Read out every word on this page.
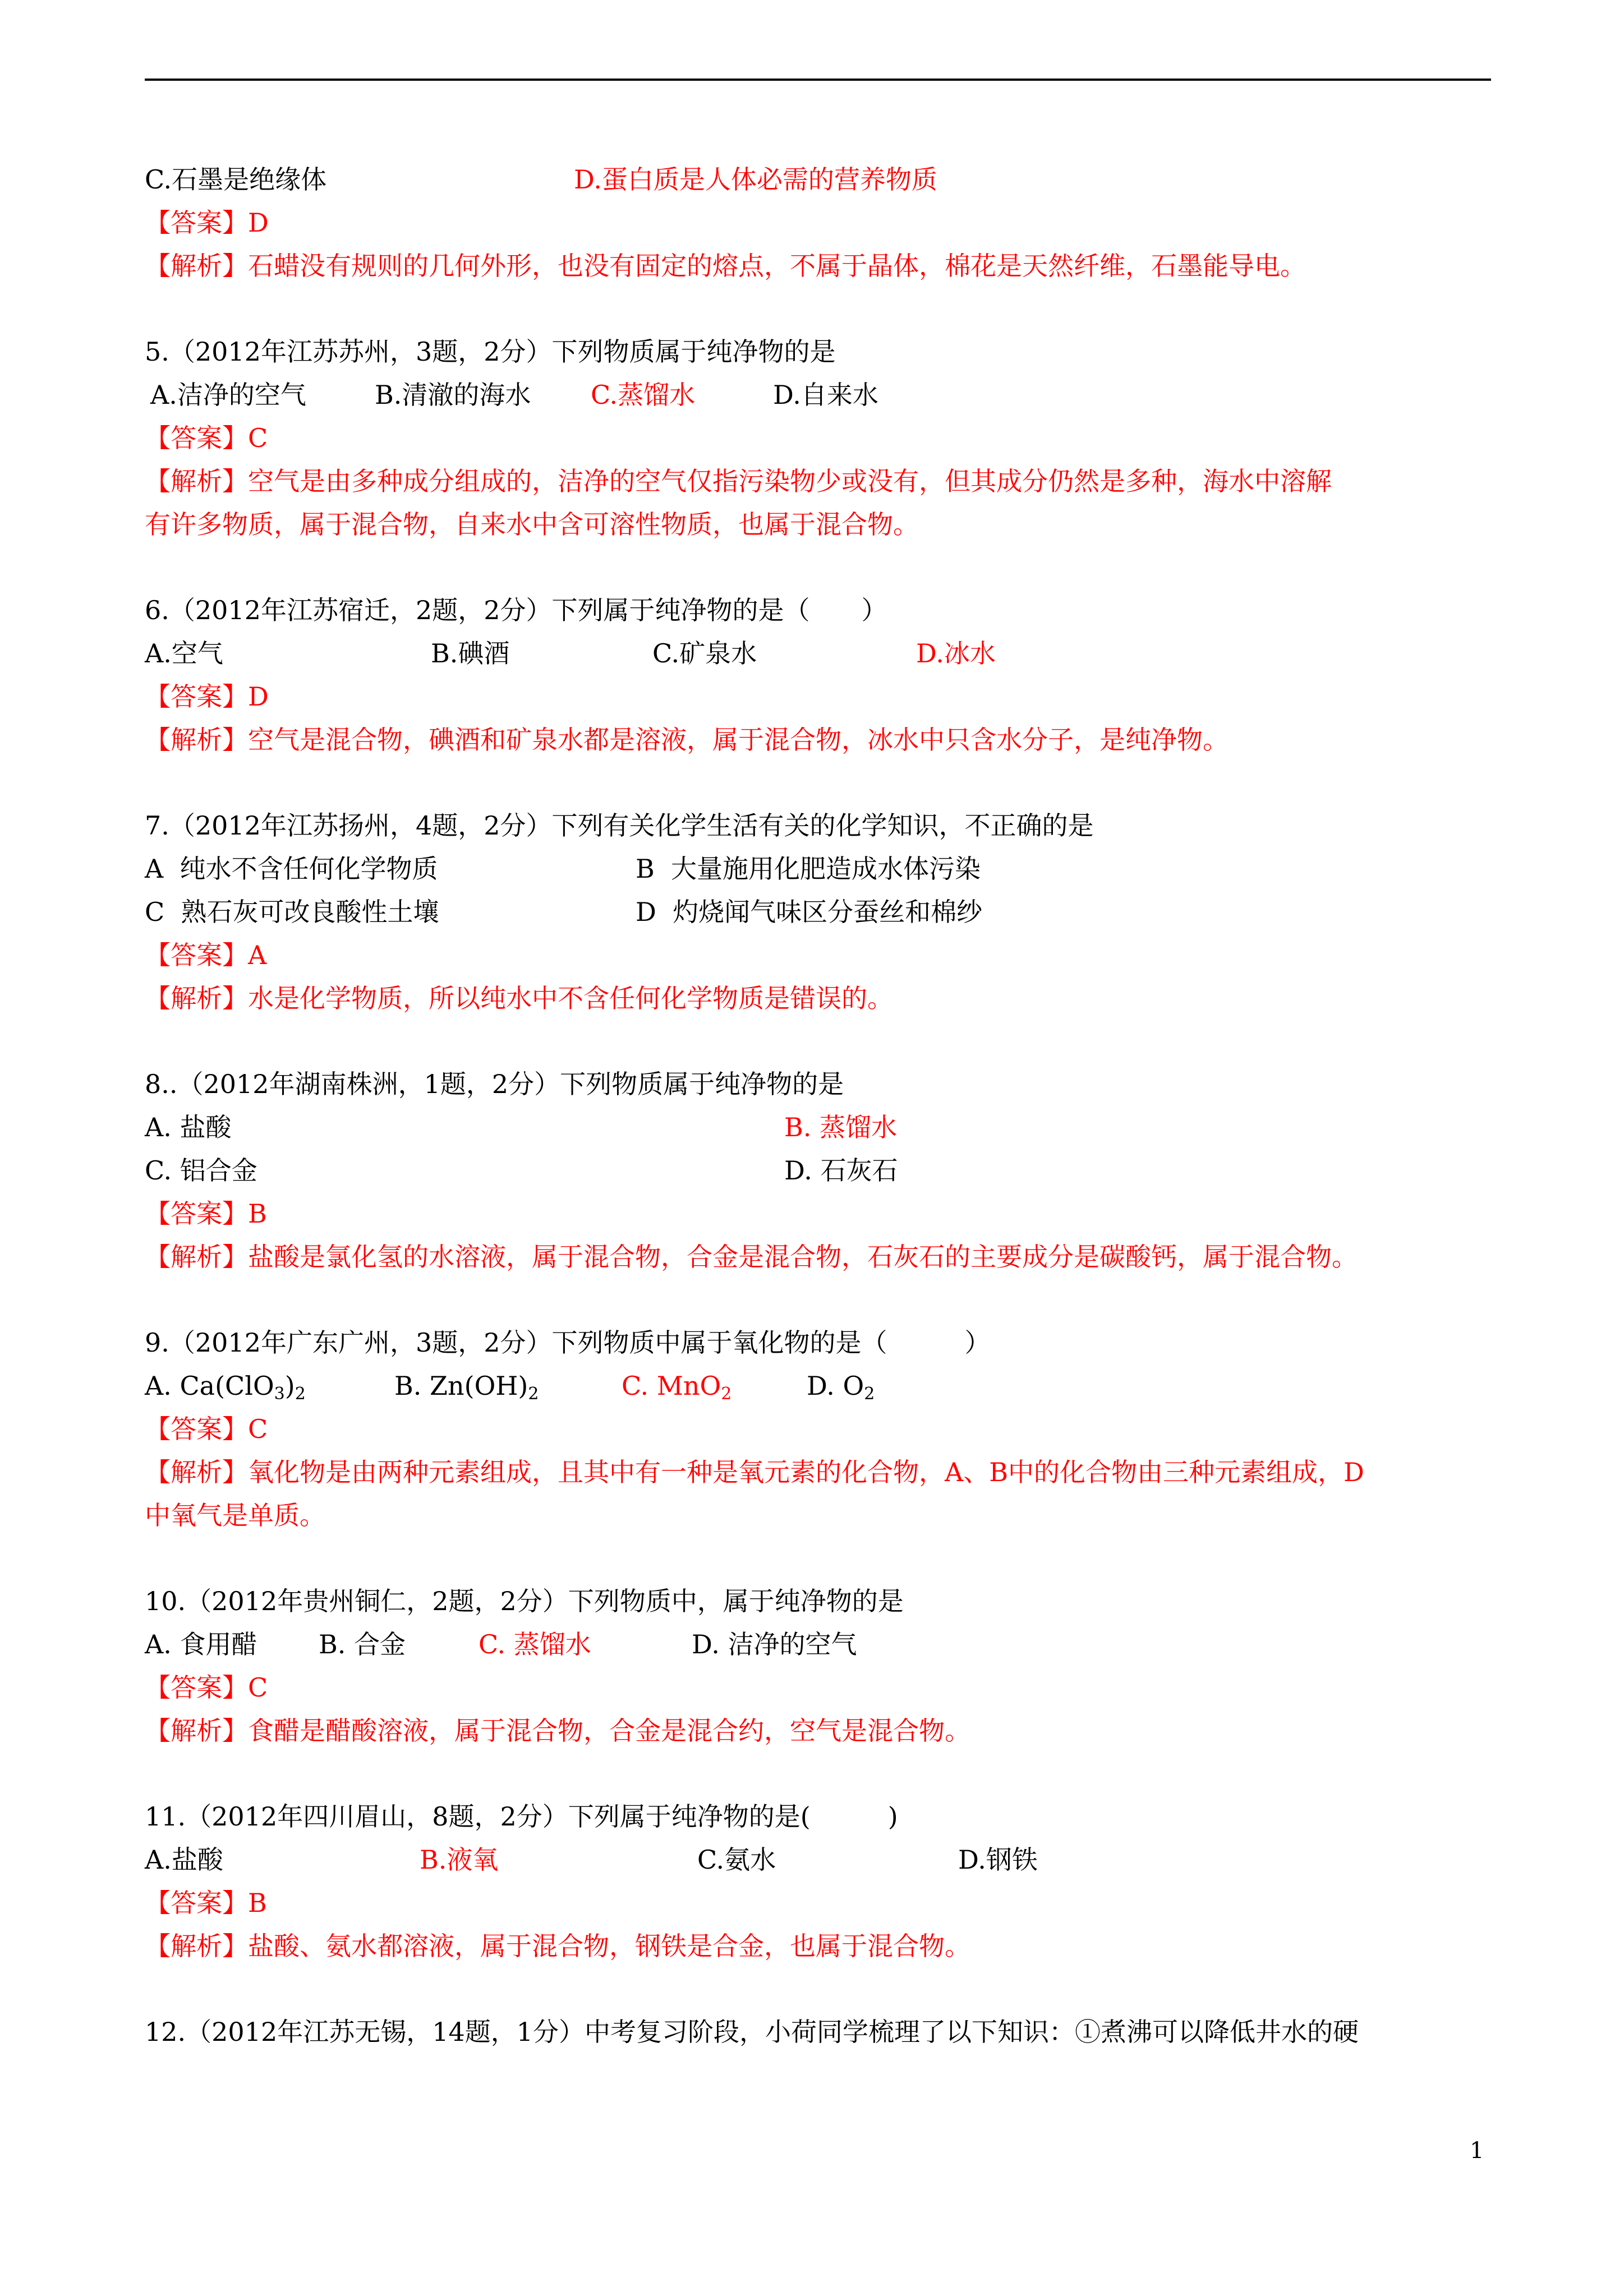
C.石墨是绝缘体

	D.蛋白质是人体必需的营养物质

【答案】D
【解析】石蜡没有规则的几何外形，也没有固定的熔点，不属于晶体，棉花是天然纤维，石墨能导电。
5.（2012年江苏苏州，3题，2分）下列物质属于纯净物的是

A.洁净的空气

	B.清澈的海水

C.蒸馏水

	D.自来水

【答案】C
【解析】空气是由多种成分组成的，洁净的空气仅指污染物少或没有，但其成分仍然是多种，海水中溶解
有许多物质，属于混合物，自来水中含可溶性物质，也属于混合物。
6.（2012年江苏宿迁，2题，2分）下列属于纯净物的是（　　）

A.空气

	B.碘酒

	C.矿泉水

	D.冰水

【答案】D
【解析】空气是混合物，碘酒和矿泉水都是溶液，属于混合物，冰水中只含水分子，是纯净物。
7.（2012年江苏扬州，4题，2分）下列有关化学生活有关的化学知识，不正确的是

A  纯水不含任何化学物质

	B  大量施用化肥造成水体污染

C  熟石灰可改良酸性土壤

	D  灼烧闻气味区分蚕丝和棉纱

【答案】A
【解析】水是化学物质，所以纯水中不含任何化学物质是错误的。
8..（2012年湖南株洲，1题，2分）下列物质属于纯净物的是

A. 盐酸

	B. 蒸馏水

C. 铝合金

	D. 石灰石

【答案】B
【解析】盐酸是氯化氢的水溶液，属于混合物，合金是混合物，石灰石的主要成分是碳酸钙，属于混合物。
9.（2012年广东广州，3题，2分）下列物质中属于氧化物的是（　　　）

A. $Ca(ClO_3)_2$

	B. $Zn(OH)_2$

	C. MnO$_2$

	D. $O_2$

【答案】C
【解析】氧化物是由两种元素组成，且其中有一种是氧元素的化合物，A、B中的化合物由三种元素组成，D
中氧气是单质。
10.（2012年贵州铜仁，2题，2分）下列物质中，属于纯净物的是

A. 食用醋

B. 合金

	C. 蒸馏水

	D. 洁净的空气

【答案】C
【解析】食醋是醋酸溶液，属于混合物，合金是混合约，空气是混合物。
11.（2012年四川眉山，8题，2分）下列属于纯净物的是(　　　)

A.盐酸

	B.液氧

	C.氨水

	D.钢铁

【答案】B
【解析】盐酸、氨水都溶液，属于混合物，钢铁是合金，也属于混合物。
12.（2012年江苏无锡，14题，1分）中考复习阶段，小荷同学梳理了以下知识：①煮沸可以降低井水的硬
1
